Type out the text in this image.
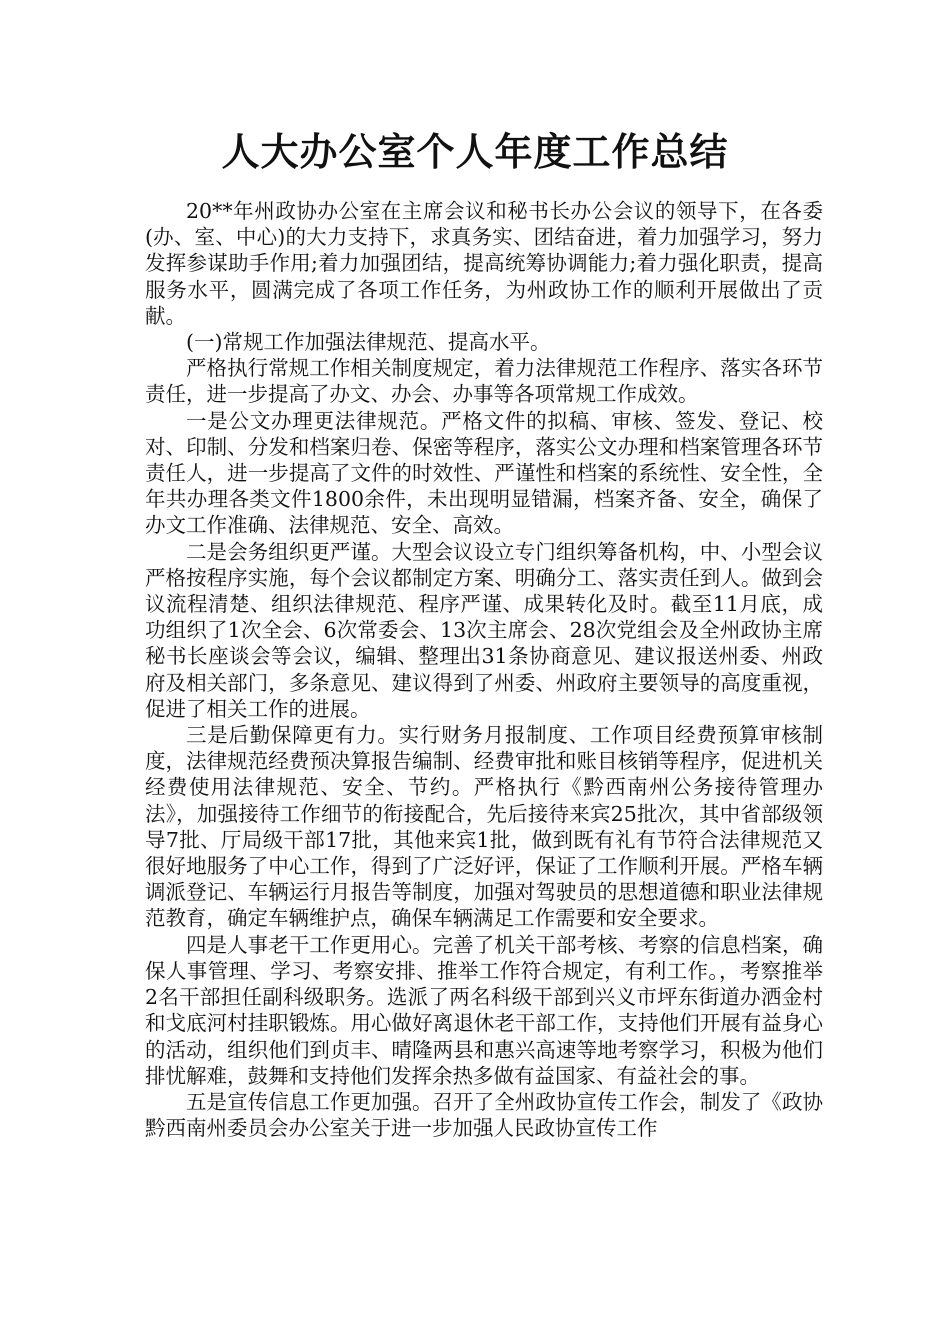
人大办公室个人年度工作总结

20**年州政协办公室在主席会议和秘书长办公会议的领导下，在各委(办、室、中心)的大力支持下，求真务实、团结奋进，着力加强学习，努力发挥参谋助手作用;着力加强团结，提高统筹协调能力;着力强化职责，提高服务水平，圆满完成了各项工作任务，为州政协工作的顺利开展做出了贡献。

(一)常规工作加强法律规范、提高水平。

严格执行常规工作相关制度规定，着力法律规范工作程序、落实各环节责任，进一步提高了办文、办会、办事等各项常规工作成效。

一是公文办理更法律规范。严格文件的拟稿、审核、签发、登记、校对、印制、分发和档案归卷、保密等程序，落实公文办理和档案管理各环节责任人，进一步提高了文件的时效性、严谨性和档案的系统性、安全性，全年共办理各类文件1800余件，未出现明显错漏，档案齐备、安全，确保了办文工作准确、法律规范、安全、高效。

二是会务组织更严谨。大型会议设立专门组织筹备机构，中、小型会议严格按程序实施，每个会议都制定方案、明确分工、落实责任到人。做到会议流程清楚、组织法律规范、程序严谨、成果转化及时。截至11月底，成功组织了1次全会、6次常委会、13次主席会、28次党组会及全州政协主席秘书长座谈会等会议，编辑、整理出31条协商意见、建议报送州委、州政府及相关部门，多条意见、建议得到了州委、州政府主要领导的高度重视，促进了相关工作的进展。

三是后勤保障更有力。实行财务月报制度、工作项目经费预算审核制度，法律规范经费预决算报告编制、经费审批和账目核销等程序，促进机关经费使用法律规范、安全、节约。严格执行《黔西南州公务接待管理办法》，加强接待工作细节的衔接配合，先后接待来宾25批次，其中省部级领导7批、厅局级干部17批，其他来宾1批，做到既有礼有节符合法律规范又很好地服务了中心工作，得到了广泛好评，保证了工作顺利开展。严格车辆调派登记、车辆运行月报告等制度，加强对驾驶员的思想道德和职业法律规范教育，确定车辆维护点，确保车辆满足工作需要和安全要求。

四是人事老干工作更用心。完善了机关干部考核、考察的信息档案，确保人事管理、学习、考察安排、推举工作符合规定，有利工作。，考察推举2名干部担任副科级职务。选派了两名科级干部到兴义市坪东街道办洒金村和戈底河村挂职锻炼。用心做好离退休老干部工作，支持他们开展有益身心的活动，组织他们到贞丰、晴隆两县和惠兴高速等地考察学习，积极为他们排忧解难，鼓舞和支持他们发挥余热多做有益国家、有益社会的事。

五是宣传信息工作更加强。召开了全州政协宣传工作会，制发了《政协黔西南州委员会办公室关于进一步加强人民政协宣传工作
